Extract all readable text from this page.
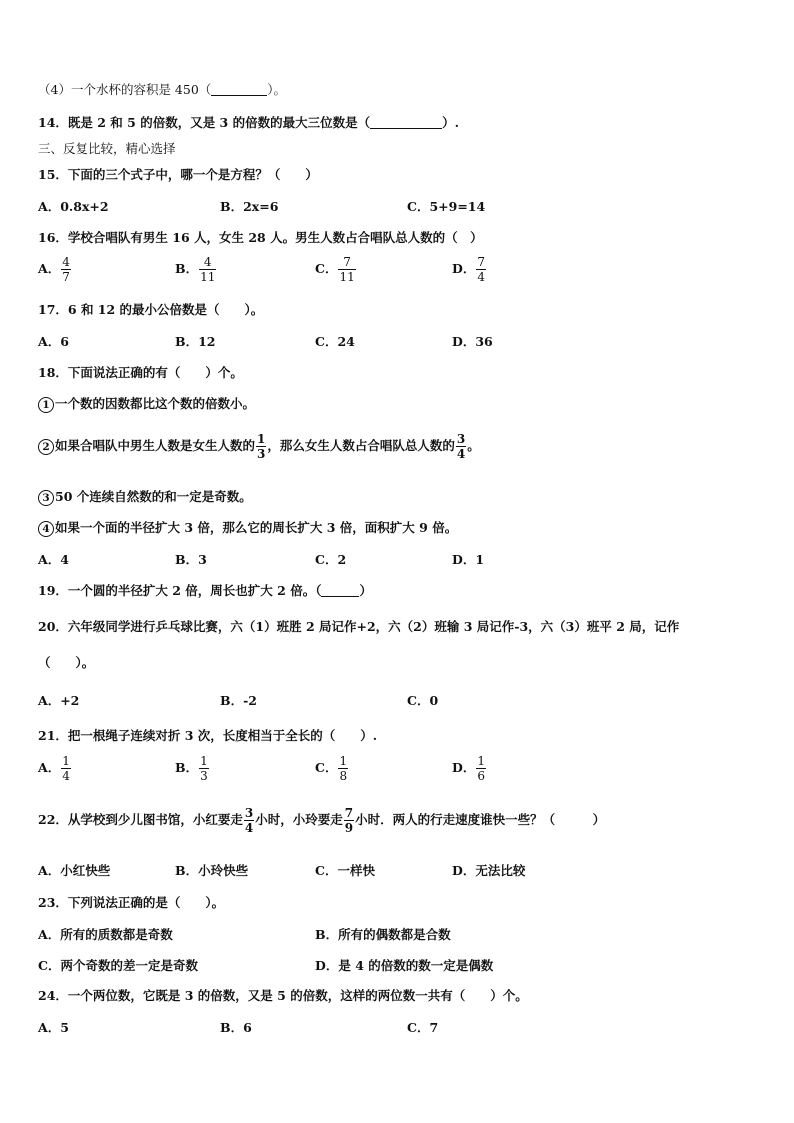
（4）一个水杯的容积是 450（	）。
14．既是 2 和 5 的倍数，又是 3 的倍数的最大三位数是（	）.
三、反复比较，精心选择
15．下面的三个式子中，哪一个是方程？（　　）
A．0.8x+2	B．2x=6	C．5+9=14
16．学校合唱队有男生 16 人，女生 28 人。男生人数占合唱队总人数的（　）
A． $\frac{4}{7}$	B． $\frac{4}{11}$	C． $\frac{7}{11}$	D． $\frac{7}{4}$
17．6 和 12 的最小公倍数是（　　）。
A．6	B．12	C．24	D．36
18．下面说法正确的有（　　）个。
1 一个数的因数都比这个数的倍数小。
2 如果合唱队中男生人数是女生人数的 $\frac{1}{3}$ ，那么女生人数占合唱队总人数的 $\frac{3}{4}$ 。
3 50 个连续自然数的和一定是奇数。
4 如果一个面的半径扩大 3 倍，那么它的周长扩大 3 倍，面积扩大 9 倍。
A．4	B．3	C．2	D．1
19．一个圆的半径扩大 2 倍，周长也扩大 2 倍。（	）
20．六年级同学进行乒乓球比赛，六（1）班胜 2 局记作+2，六（2）班输 3 局记作-3，六（3）班平 2 局，记作
（　　）。
A．+2	B．-2	C．0
21．把一根绳子连续对折 3 次，长度相当于全长的（　　）.
A． $\frac{1}{4}$	B． $\frac{1}{3}$	C． $\frac{1}{8}$	D． $\frac{1}{6}$
22．从学校到少儿图书馆，小红要走 $\frac{3}{4}$ 小时，小玲要走 $\frac{7}{9}$ 小时．两人的行走速度谁快一些？（　　　）
A．小红快些	B．小玲快些	C．一样快	D．无法比较
23．下列说法正确的是（　　）。
A．所有的质数都是奇数	B．所有的偶数都是合数
C．两个奇数的差一定是奇数	D．是 4 的倍数的数一定是偶数
24．一个两位数，它既是 3 的倍数，又是 5 的倍数，这样的两位数一共有（　　）个。
A．5	B．6	C．7
